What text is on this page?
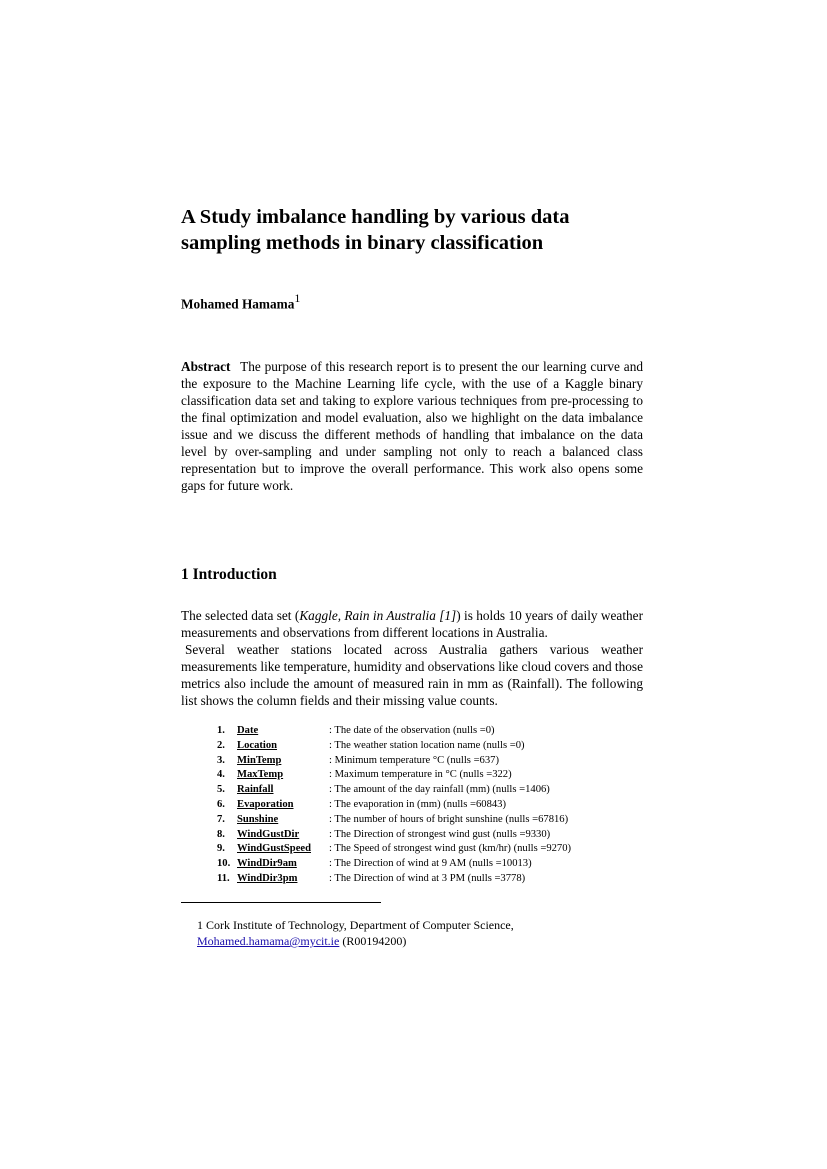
A Study imbalance handling by various data sampling methods in binary classification

Mohamed Hamama$^1$

Abstract The purpose of this research report is to present the our learning curve and the exposure to the Machine Learning life cycle, with the use of a Kaggle binary classification data set and taking to explore various techniques from pre-processing to the final optimization and model evaluation, also we highlight on the data imbalance issue and we discuss the different methods of handling that imbalance on the data level by over-sampling and under sampling not only to reach a balanced class representation but to improve the overall performance. This work also opens some gaps for future work.

1 Introduction

The selected data set (Kaggle, Rain in Australia [1]) is holds 10 years of daily weather measurements and observations from different locations in Australia.

Several weather stations located across Australia gathers various weather measurements like temperature, humidity and observations like cloud covers and those metrics also include the amount of measured rain in mm as (Rainfall). The following list shows the column fields and their missing value counts.

1.	Date	: The date of the observation (nulls =0)
2.	Location	: The weather station location name (nulls =0)
3.	MinTemp	: Minimum temperature °C (nulls =637)
4.	MaxTemp	: Maximum temperature in °C (nulls =322)
5.	Rainfall	: The amount of the day rainfall (mm) (nulls =1406)
6.	Evaporation	: The evaporation in (mm) (nulls =60843)
7.	Sunshine	: The number of hours of bright sunshine (nulls =67816)
8.	WindGustDir	: The Direction of strongest wind gust (nulls =9330)
9.	WindGustSpeed	: The Speed of strongest wind gust (km/hr) (nulls =9270)
10.	WindDir9am	: The Direction of wind at 9 AM (nulls =10013)
11.	WindDir3pm	: The Direction of wind at 3 PM (nulls =3778)

1 Cork Institute of Technology, Department of Computer Science,
Mohamed.hamama@mycit.ie (R00194200)
